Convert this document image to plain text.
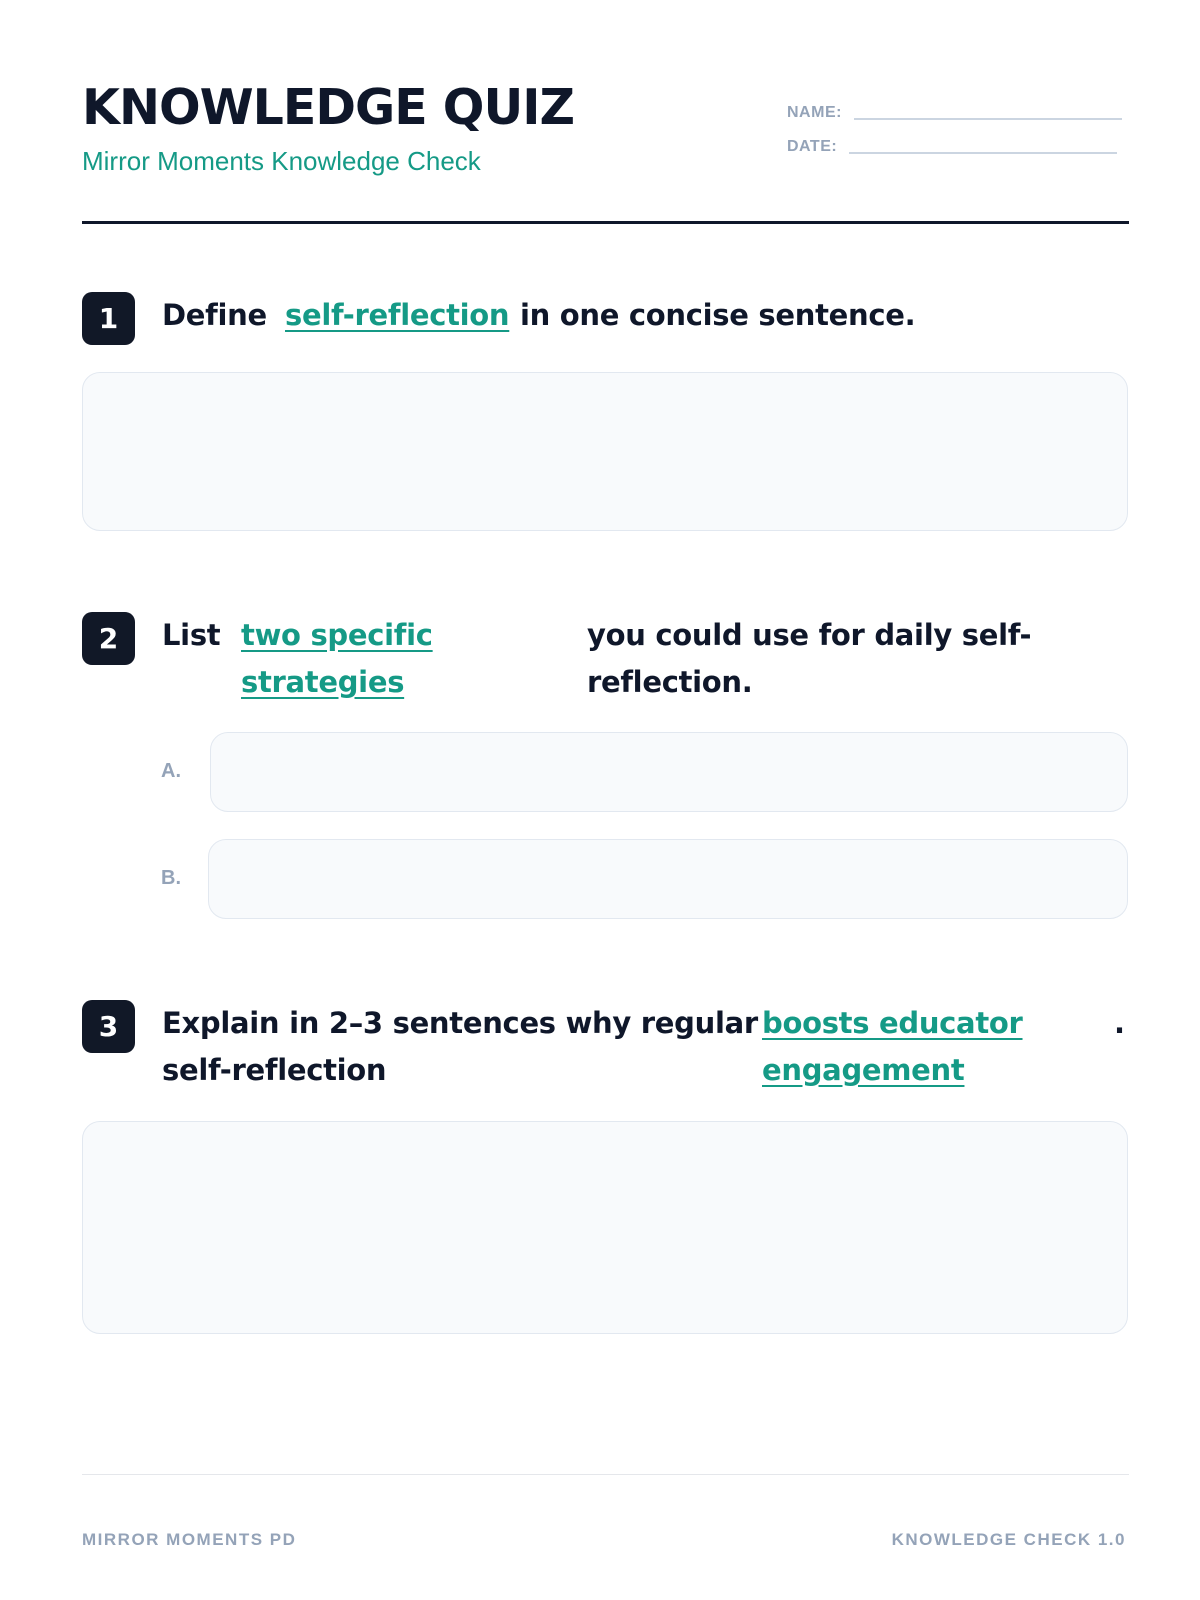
KNOWLEDGE QUIZ

Mirror Moments Knowledge Check

NAME:
DATE:
1	Define self-reflection in one concise sentence.
2	List two specific
strategies
you could use for daily self-
reflection.
A.
B.
3	Explain in 2–3 sentences why regular
self-reflection
boosts educator
engagement
.
MIRROR MOMENTS PD	KNOWLEDGE CHECK 1.0
